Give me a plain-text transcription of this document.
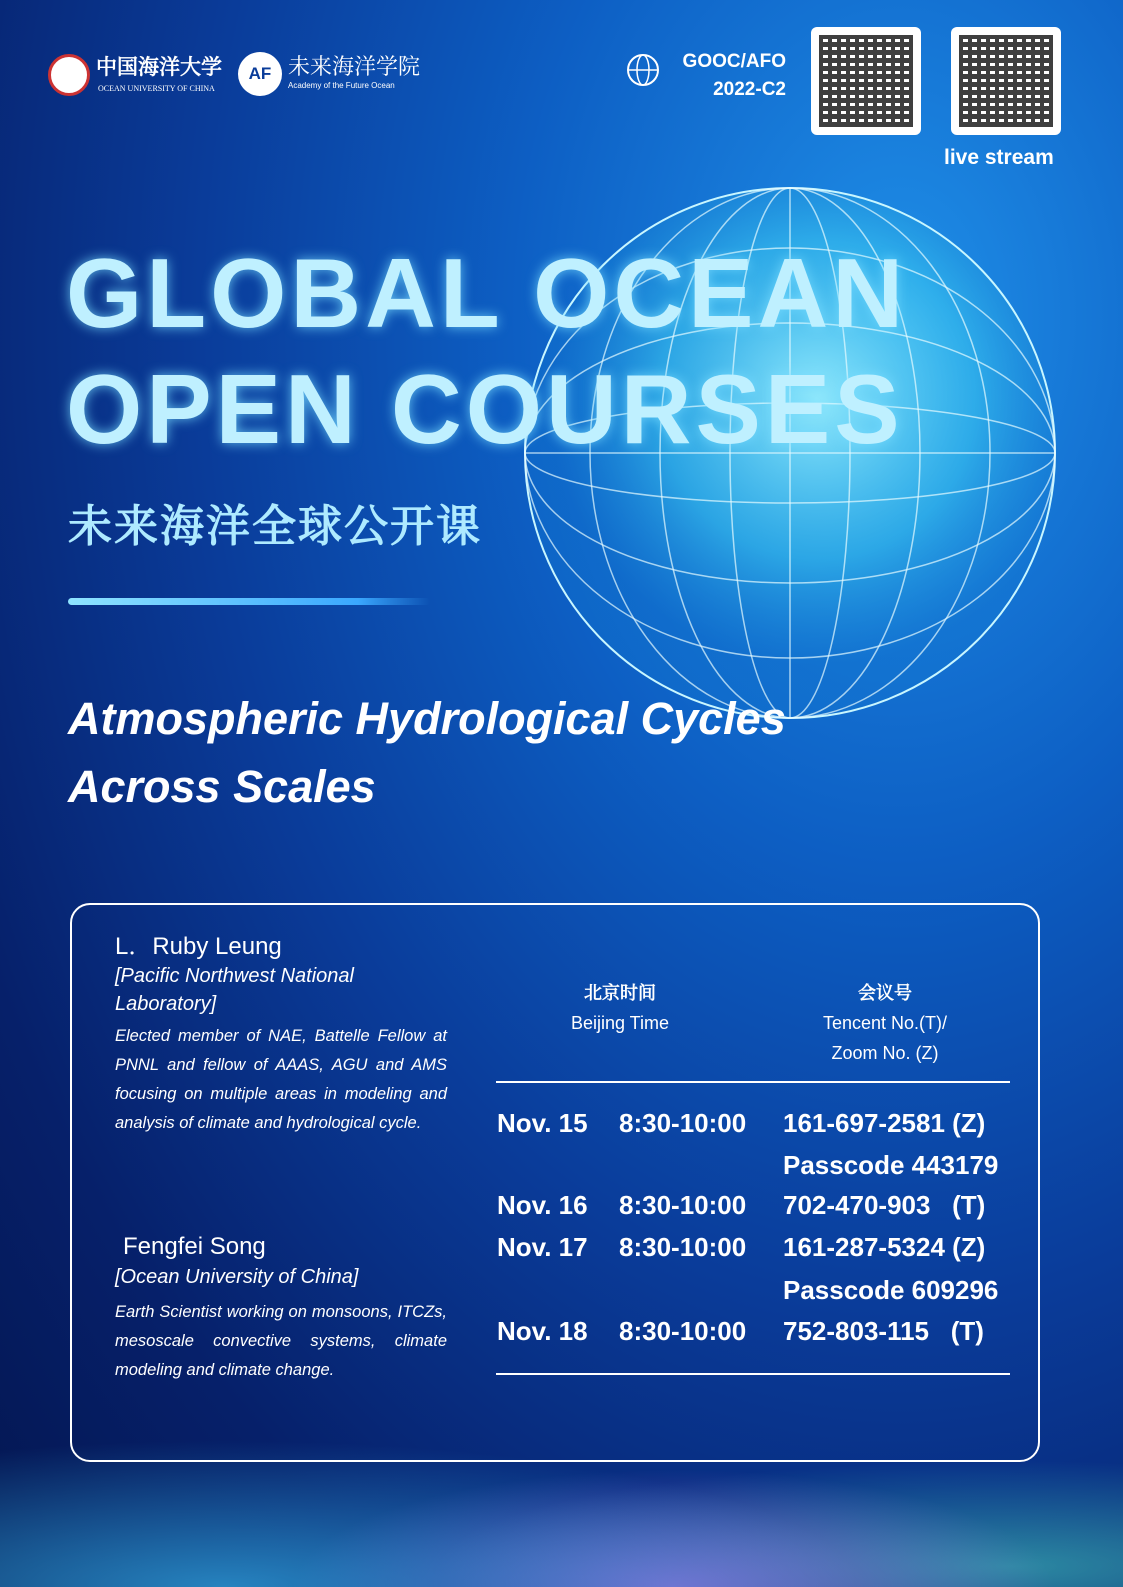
中国海洋大学
OCEAN UNIVERSITY OF CHINA
AF 未来海洋学院
Academy of the Future Ocean
GOOC/AFO
2022-C2
live stream
GLOBAL OCEAN
OPEN COURSES
未来海洋全球公开课
Atmospheric Hydrological Cycles
Across Scales
L．Ruby Leung
[Pacific Northwest National Laboratory]
Elected member of NAE, Battelle Fellow at PNNL and fellow of AAAS, AGU and AMS focusing on multiple areas in modeling and analysis of climate and hydrological cycle.
Fengfei Song
[Ocean University of China]
Earth Scientist working on monsoons, ITCZs, mesoscale convective systems, climate modeling and climate change.
北京时间
Beijing Time
会议号
Tencent No.(T)/
Zoom No. (Z)
Nov. 15 8:30-10:00 161-697-2581 (Z)
Passcode 443179
Nov. 16 8:30-10:00 702-470-903   (T)
Nov. 17 8:30-10:00 161-287-5324 (Z)
Passcode 609296
Nov. 18 8:30-10:00 752-803-115   (T)
